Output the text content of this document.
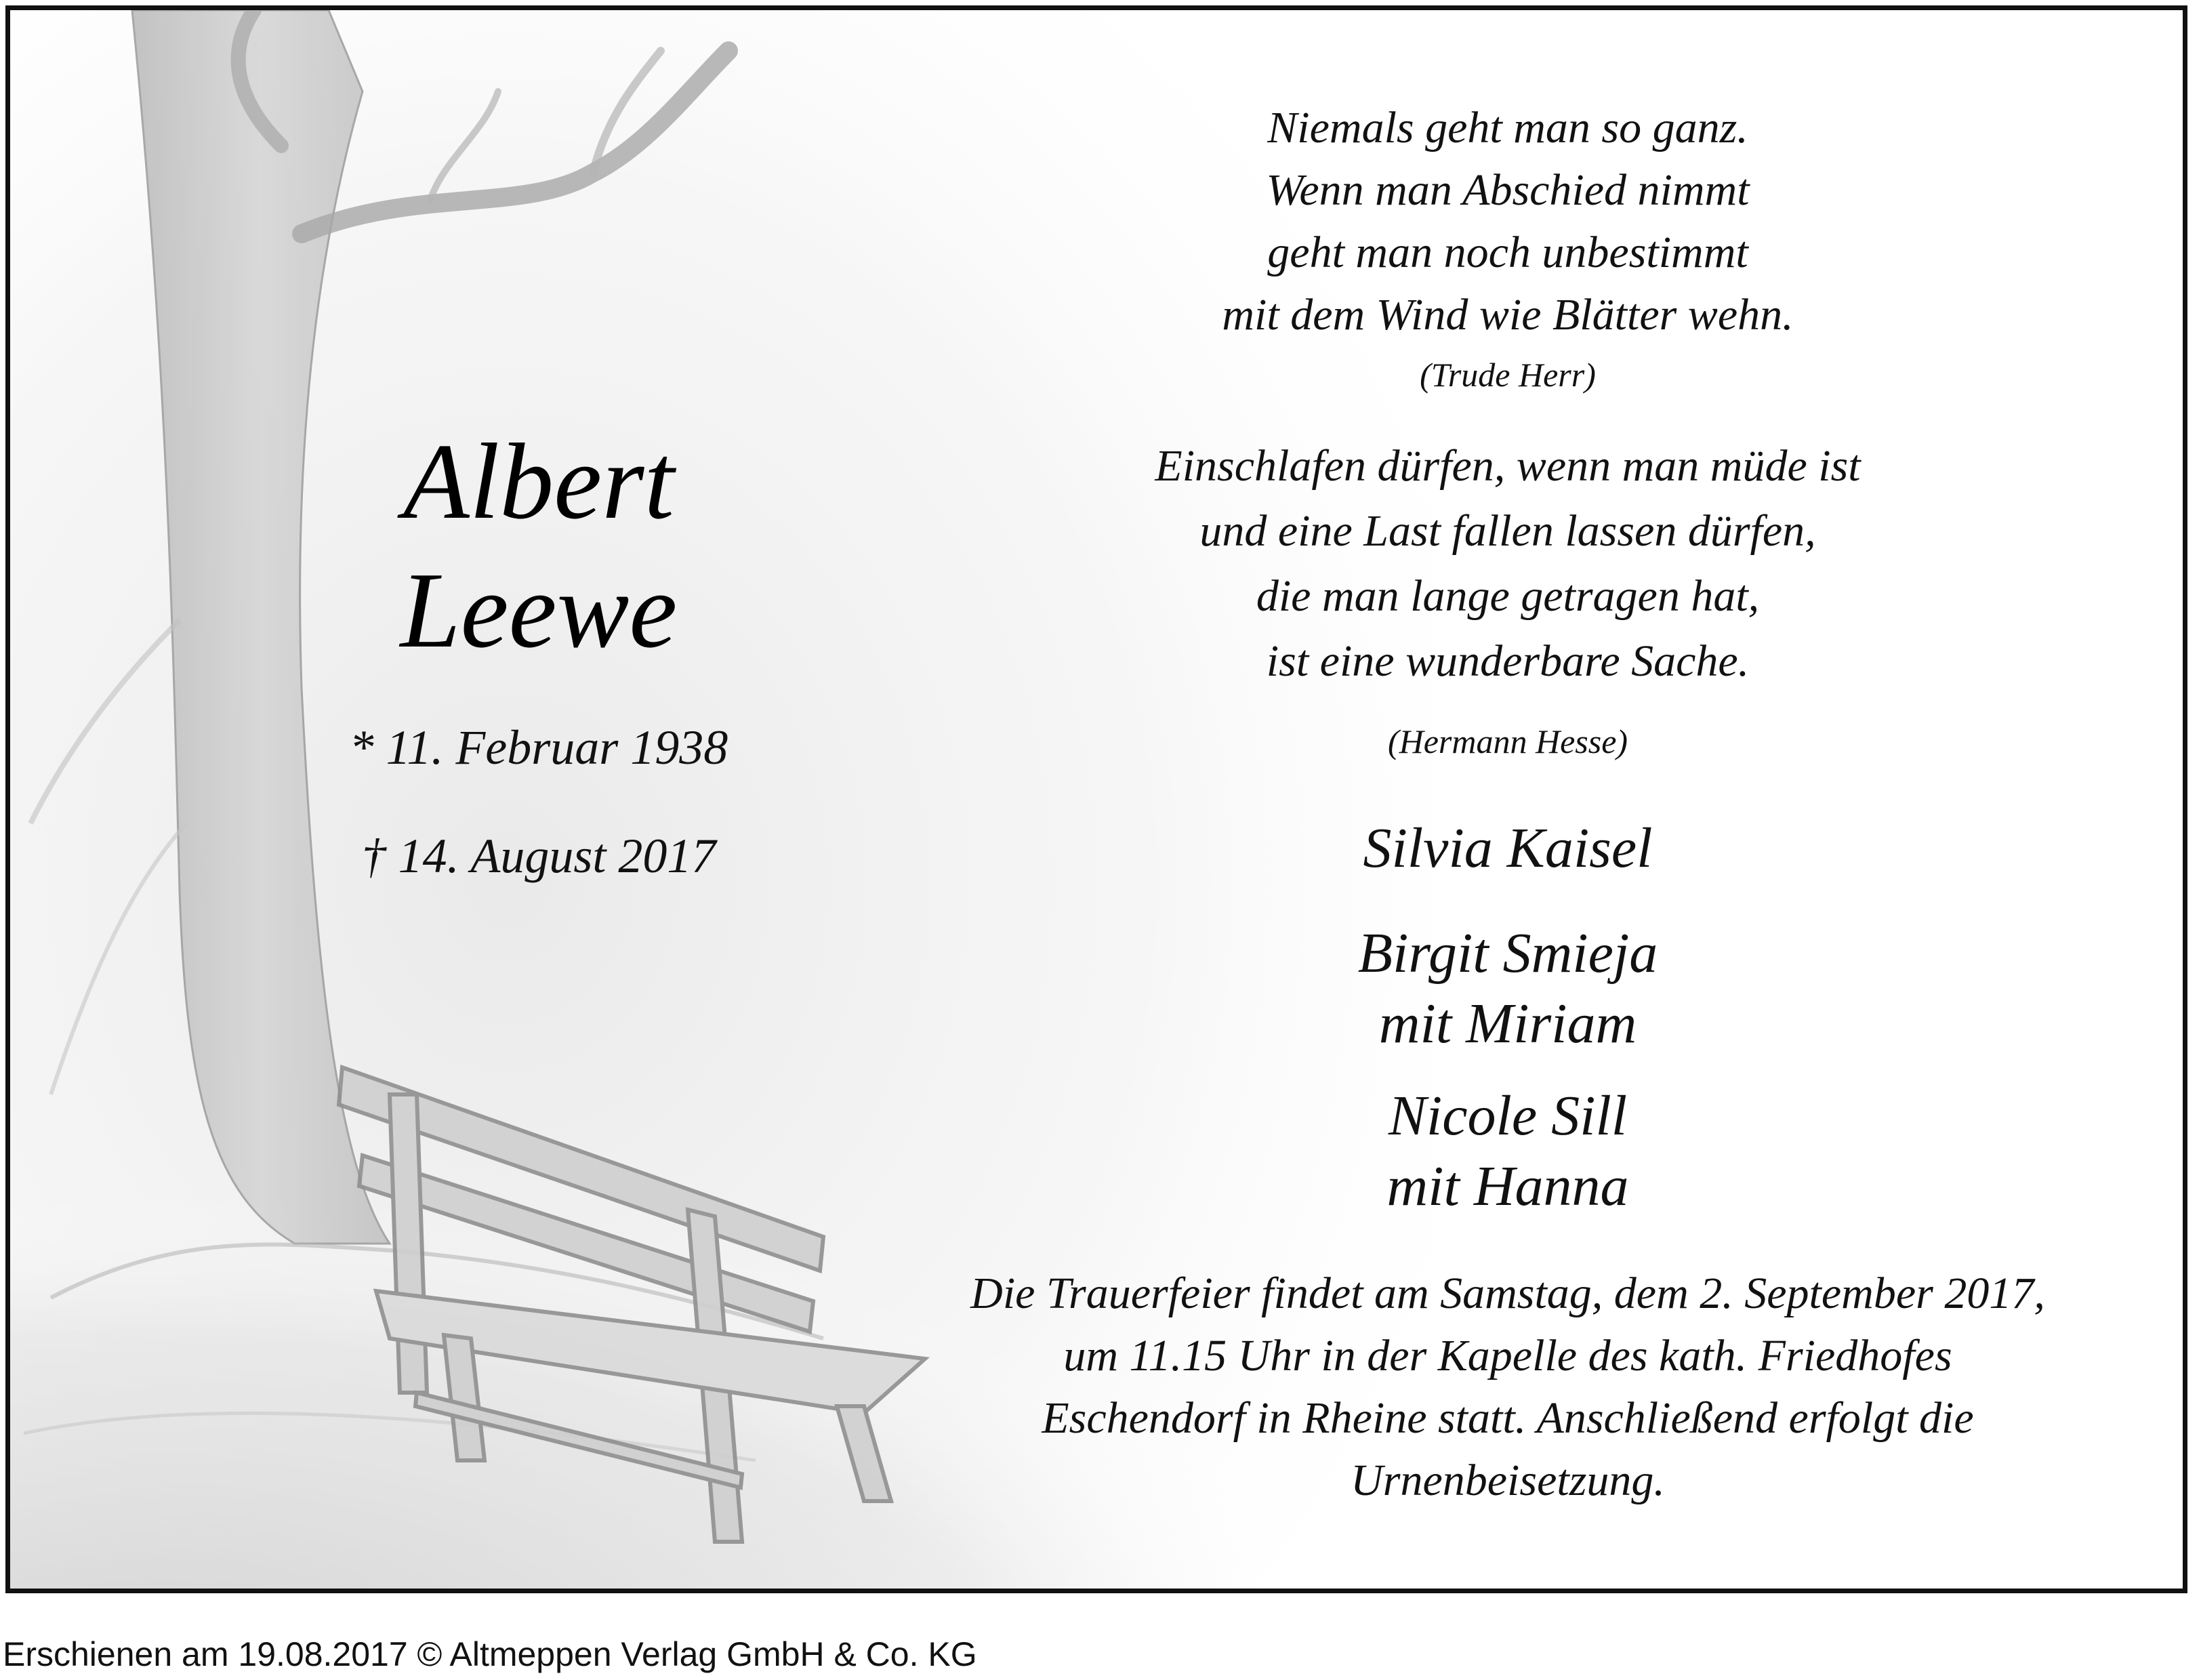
Albert
Leewe
* 11. Februar 1938
† 14. August 2017
Niemals geht man so ganz.
Wenn man Abschied nimmt
geht man noch unbestimmt
mit dem Wind wie Blätter wehn.
(Trude Herr)
Einschlafen dürfen, wenn man müde ist
und eine Last fallen lassen dürfen,
die man lange getragen hat,
ist eine wunderbare Sache.
(Hermann Hesse)
Silvia Kaisel
Birgit Smieja
mit Miriam
Nicole Sill
mit Hanna
Die Trauerfeier findet am Samstag, dem 2. September 2017,
um 11.15 Uhr in der Kapelle des kath. Friedhofes
Eschendorf in Rheine statt. Anschließend erfolgt die
Urnenbeisetzung.
Erschienen am 19.08.2017 © Altmeppen Verlag GmbH & Co. KG
